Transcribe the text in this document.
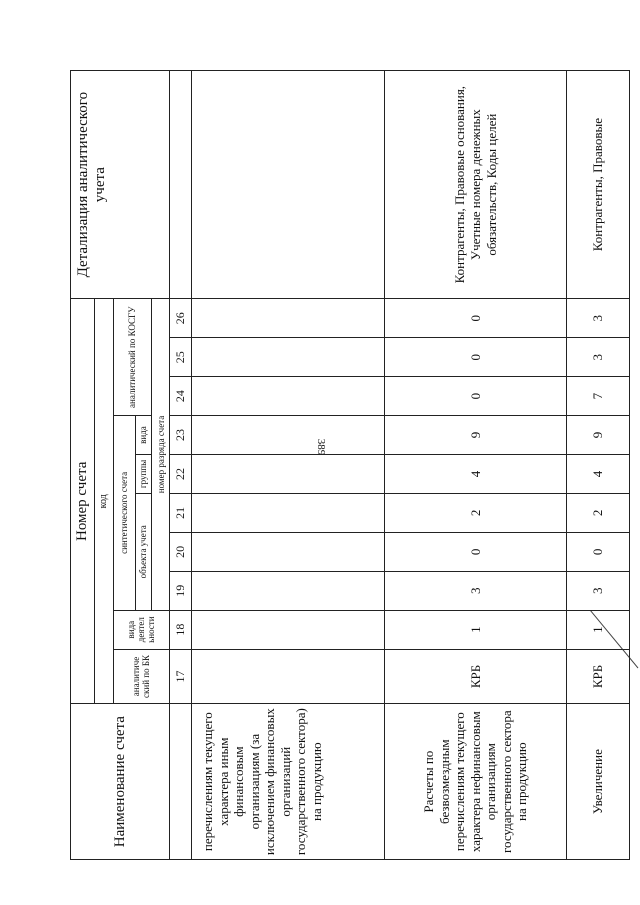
389
Наименование счета	Номер счета										Детализация аналитического учета
	код										
	аналитиче ский по БК	вида деятел ьности	синтетического счета					аналитический по КОСГУ			
			объекта учета			группы	вида				
			номер разряда счета								
	17	18	19	20	21	22	23	24	25	26	
перечислениям текущего характера иным финансовым организациям (за исключением финансовых организаций государственного сектора) на продукцию											
Расчеты по безвозмездным перечислениям текущего характера нефинансовым организациям государственного сектора на продукцию	КРБ	1	3	0	2	4	9	0	0	0	Контрагенты, Правовые основания, Учетные номера денежных обязательств, Коды целей
Увеличение	КРБ	1	3	0	2	4	9	7	3	3	Контрагенты, Правовые
